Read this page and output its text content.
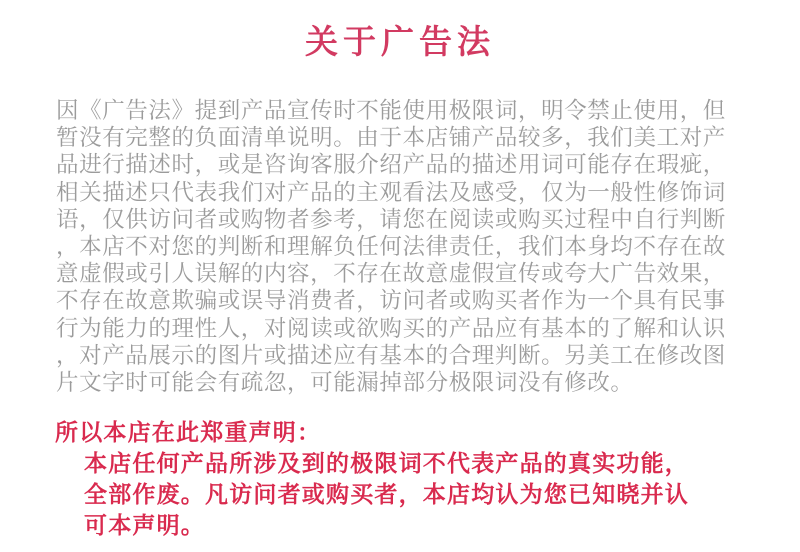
关于广告法
因《广告法》提到产品宣传时不能使用极限词，明令禁止使用，但
暂没有完整的负面清单说明。由于本店铺产品较多，我们美工对产
品进行描述时，或是咨询客服介绍产品的描述用词可能存在瑕疵，
相关描述只代表我们对产品的主观看法及感受，仅为一般性修饰词
语，仅供访问者或购物者参考，请您在阅读或购买过程中自行判断
，本店不对您的判断和理解负任何法律责任，我们本身均不存在故
意虚假或引人误解的内容，不存在故意虚假宣传或夸大广告效果，
不存在故意欺骗或误导消费者，访问者或购买者作为一个具有民事
行为能力的理性人，对阅读或欲购买的产品应有基本的了解和认识
，对产品展示的图片或描述应有基本的合理判断。另美工在修改图
片文字时可能会有疏忽，可能漏掉部分极限词没有修改。
所以本店在此郑重声明：
本店任何产品所涉及到的极限词不代表产品的真实功能，
全部作废。凡访问者或购买者，本店均认为您已知晓并认
可本声明。
